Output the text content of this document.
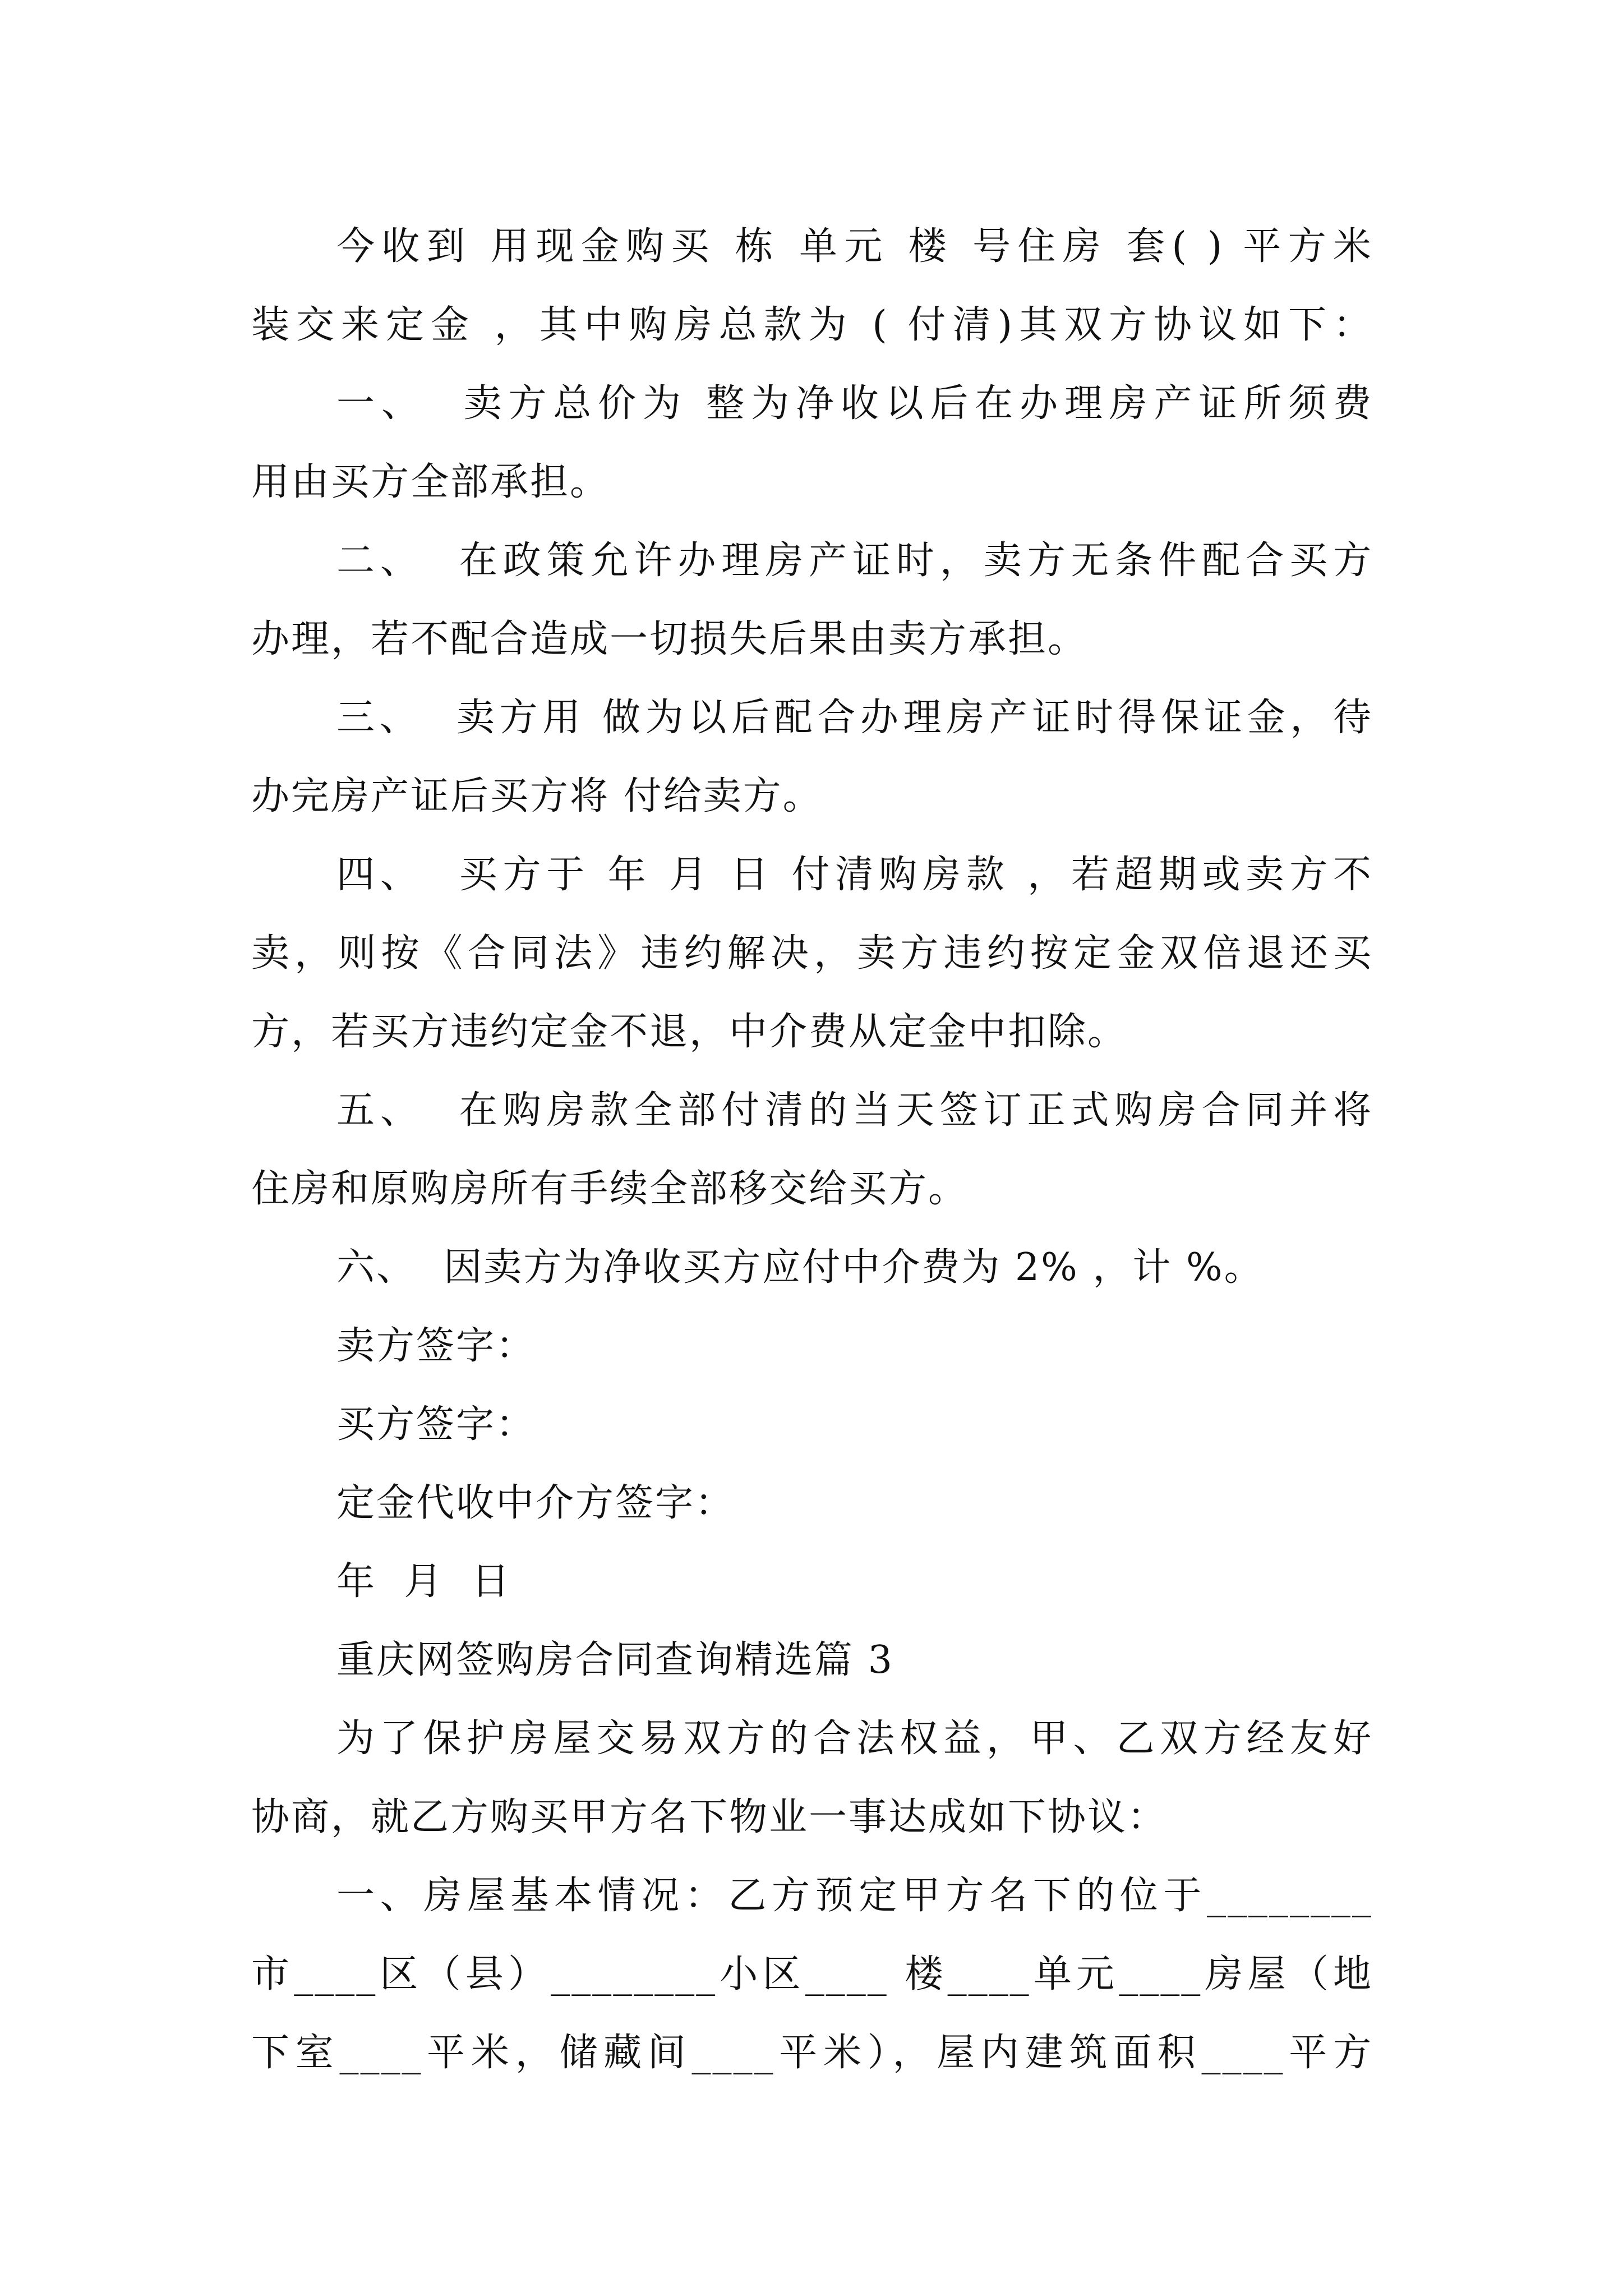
今收到 用现金购买 栋 单元 楼 号住房 套( ) 平方米
装交来定金 ，其中购房总款为 ( 付清)其双方协议如下：
一、  卖方总价为 整为净收以后在办理房产证所须费
用由买方全部承担。
二、  在政策允许办理房产证时，卖方无条件配合买方
办理，若不配合造成一切损失后果由卖方承担。
三、  卖方用 做为以后配合办理房产证时得保证金，待
办完房产证后买方将 付给卖方。
四、  买方于 年 月 日 付清购房款 ，若超期或卖方不
卖，则按《合同法》违约解决，卖方违约按定金双倍退还买
方，若买方违约定金不退，中介费从定金中扣除。
五、  在购房款全部付清的当天签订正式购房合同并将
住房和原购房所有手续全部移交给买方。
六、  因卖方为净收买方应付中介费为 2% ，计 %。
卖方签字：
买方签字：
定金代收中介方签字：
年  月  日
重庆网签购房合同查询精选篇 3
为了保护房屋交易双方的合法权益，甲、乙双方经友好
协商，就乙方购买甲方名下物业一事达成如下协议：
一、房屋基本情况：乙方预定甲方名下的位于________
市____区（县）________小区____ 楼____单元____房屋（地
下室____平米，储藏间____平米），屋内建筑面积____平方
